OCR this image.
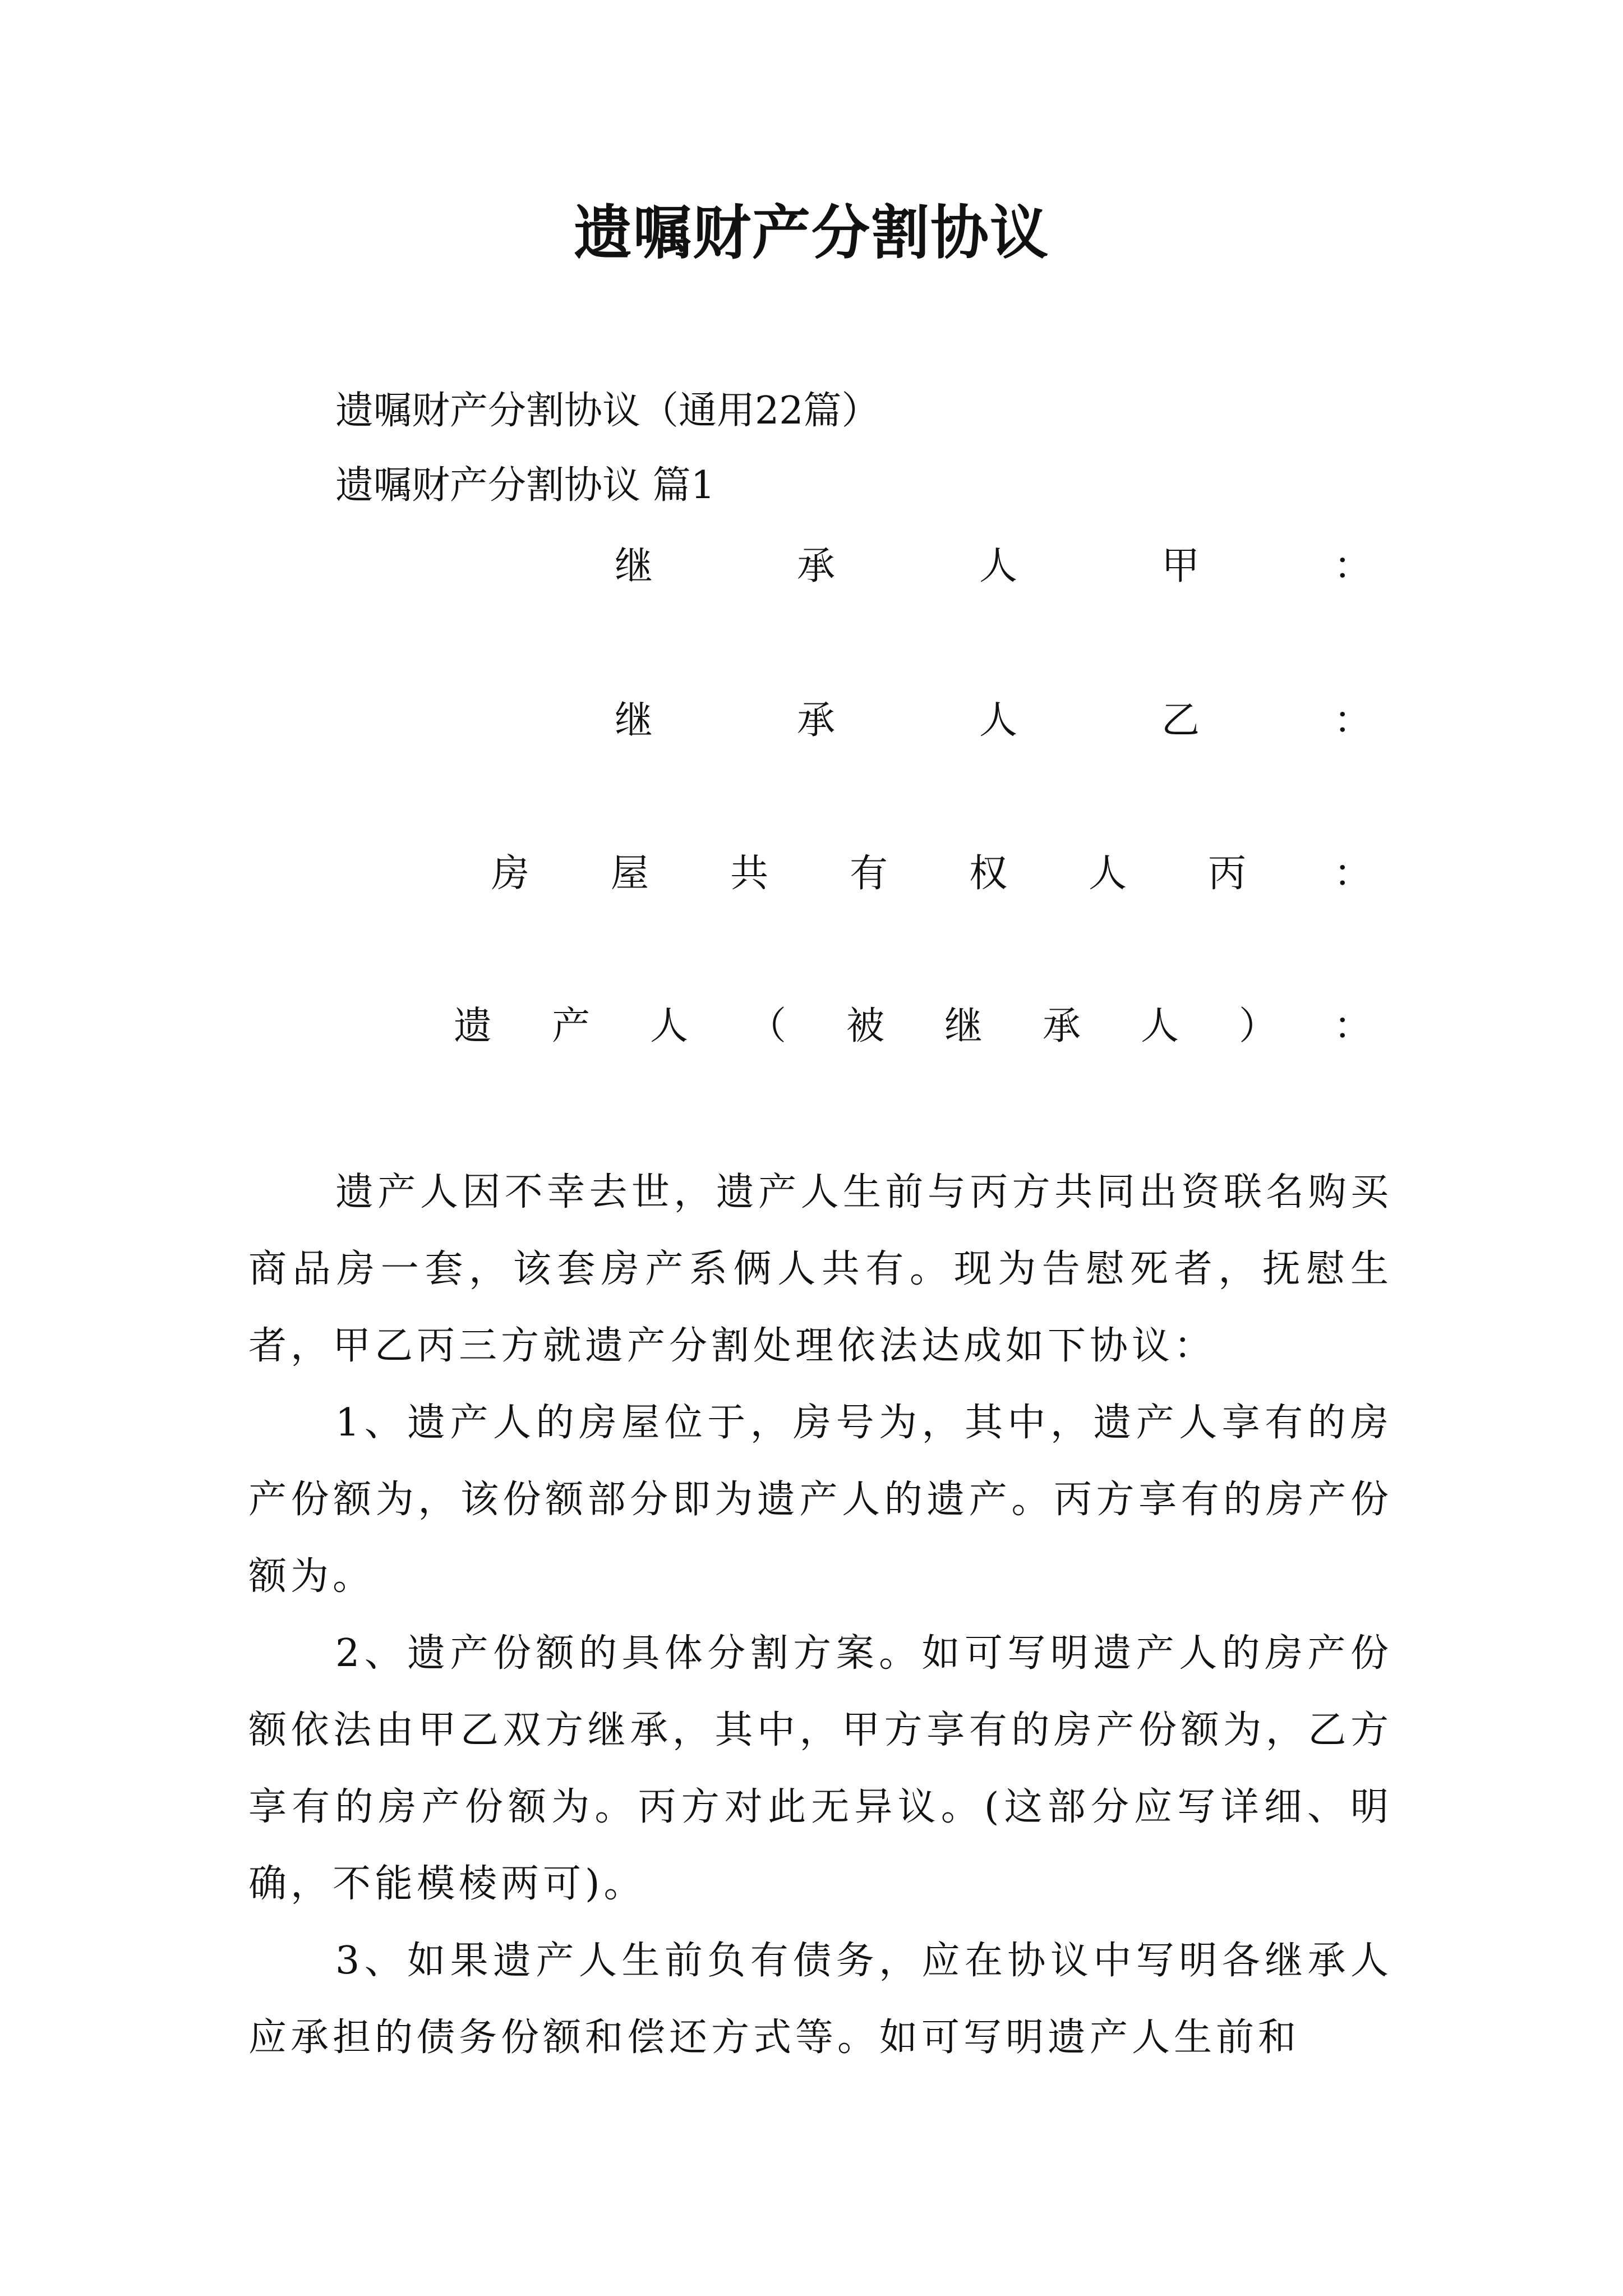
遗嘱财产分割协议

遗嘱财产分割协议（通用22篇）

遗嘱财产分割协议 篇1

继	承	人	甲	：
继	承	人	乙	：
房 屋 共 有 权 人 丙 ：
遗 产 人 （ 被 继 承 人 ） ：

遗产人因不幸去世，遗产人生前与丙方共同出资联名购买商品房一套，该套房产系俩人共有。现为告慰死者，抚慰生者，甲乙丙三方就遗产分割处理依法达成如下协议：

1、遗产人的房屋位于，房号为，其中，遗产人享有的房产份额为，该份额部分即为遗产人的遗产。丙方享有的房产份额为。

2、遗产份额的具体分割方案。如可写明遗产人的房产份额依法由甲乙双方继承，其中，甲方享有的房产份额为，乙方享有的房产份额为。丙方对此无异议。(这部分应写详细、明确，不能模棱两可)。

3、如果遗产人生前负有债务，应在协议中写明各继承人应承担的债务份额和偿还方式等。如可写明遗产人生前和
